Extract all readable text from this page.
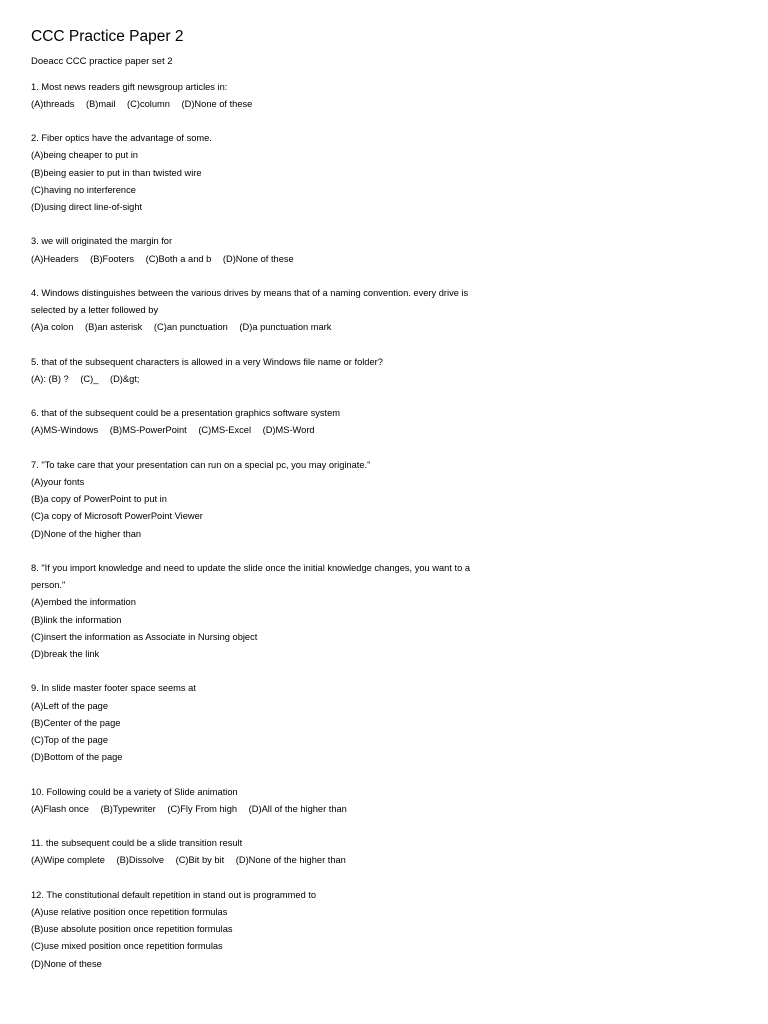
CCC Practice Paper 2
Doeacc CCC practice paper set 2
1. Most news readers gift newsgroup articles in:
(A)threads (B)mail (C)column (D)None of these
2. Fiber optics have the advantage of some.
(A)being cheaper to put in
(B)being easier to put in than twisted wire
(C)having no interference
(D)using direct line-of-sight
3. we will originated the margin for
(A)Headers (B)Footers (C)Both a and b (D)None of these
4. Windows distinguishes between the various drives by means that of a naming convention. every drive is selected by a letter followed by
(A)a colon (B)an asterisk (C)an punctuation (D)a punctuation mark
5. that of the subsequent characters is allowed in a very Windows file name or folder?
(A): (B) ? (C)_ (D)&gt;
6. that of the subsequent could be a presentation graphics software system
(A)MS-Windows (B)MS-PowerPoint (C)MS-Excel (D)MS-Word
7. "To take care that your presentation can run on a special pc, you may originate."
(A)your fonts
(B)a copy of PowerPoint to put in
(C)a copy of Microsoft PowerPoint Viewer
(D)None of the higher than
8. "If you import knowledge and need to update the slide once the initial knowledge changes, you want to a person."
(A)embed the information
(B)link the information
(C)insert the information as Associate in Nursing object
(D)break the link
9. In slide master footer space seems at
(A)Left of the page
(B)Center of the page
(C)Top of the page
(D)Bottom of the page
10. Following could be a variety of Slide animation
(A)Flash once (B)Typewriter (C)Fly From high (D)All of the higher than
11. the subsequent could be a slide transition result
(A)Wipe complete (B)Dissolve (C)Bit by bit (D)None of the higher than
12. The constitutional default repetition in stand out is programmed to
(A)use relative position once repetition formulas
(B)use absolute position once repetition formulas
(C)use mixed position once repetition formulas
(D)None of these
